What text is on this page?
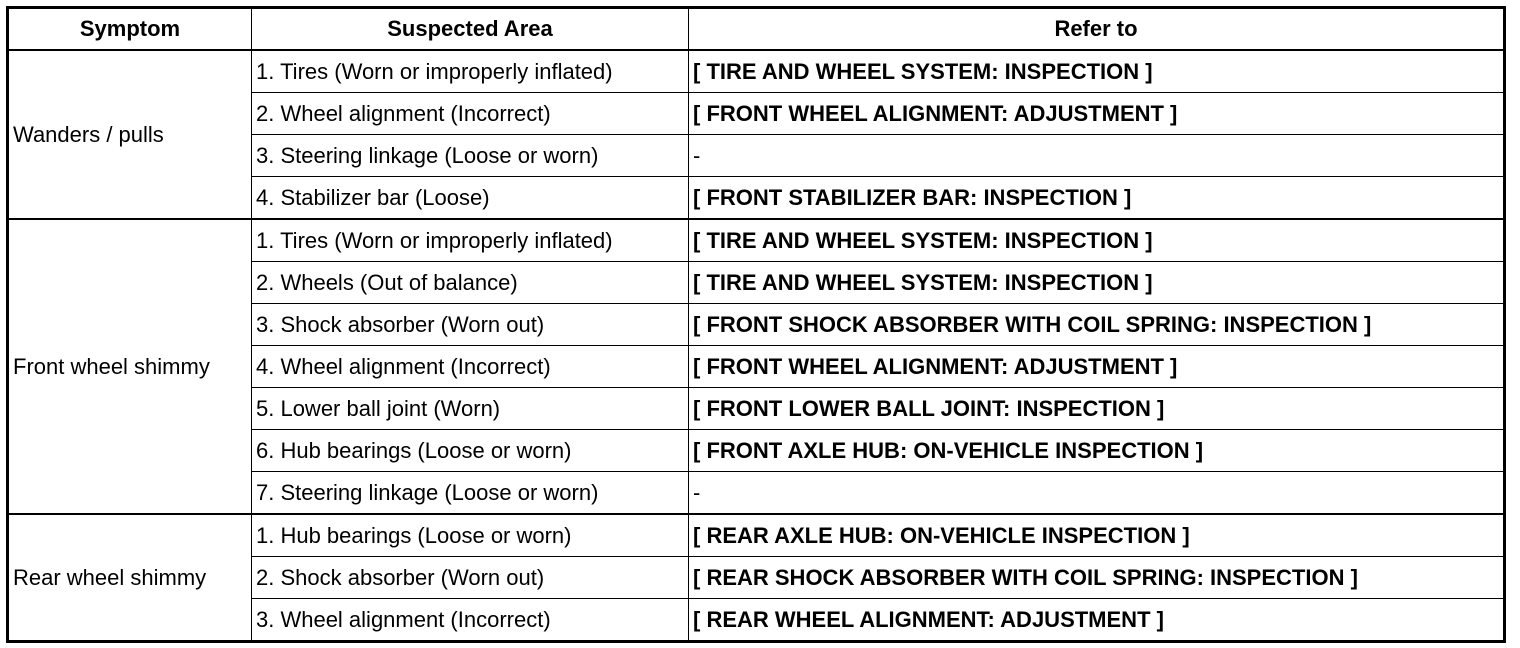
Symptom	Suspected Area	Refer to
Wanders / pulls	1. Tires (Worn or improperly inflated)	[ TIRE AND WHEEL SYSTEM: INSPECTION ]
	2. Wheel alignment (Incorrect)	[ FRONT WHEEL ALIGNMENT: ADJUSTMENT ]
	3. Steering linkage (Loose or worn)	-
	4. Stabilizer bar (Loose)	[ FRONT STABILIZER BAR: INSPECTION ]
Front wheel shimmy	1. Tires (Worn or improperly inflated)	[ TIRE AND WHEEL SYSTEM: INSPECTION ]
	2. Wheels (Out of balance)	[ TIRE AND WHEEL SYSTEM: INSPECTION ]
	3. Shock absorber (Worn out)	[ FRONT SHOCK ABSORBER WITH COIL SPRING: INSPECTION ]
	4. Wheel alignment (Incorrect)	[ FRONT WHEEL ALIGNMENT: ADJUSTMENT ]
	5. Lower ball joint (Worn)	[ FRONT LOWER BALL JOINT: INSPECTION ]
	6. Hub bearings (Loose or worn)	[ FRONT AXLE HUB: ON-VEHICLE INSPECTION ]
	7. Steering linkage (Loose or worn)	-
Rear wheel shimmy	1. Hub bearings (Loose or worn)	[ REAR AXLE HUB: ON-VEHICLE INSPECTION ]
	2. Shock absorber (Worn out)	[ REAR SHOCK ABSORBER WITH COIL SPRING: INSPECTION ]
	3. Wheel alignment (Incorrect)	[ REAR WHEEL ALIGNMENT: ADJUSTMENT ]
